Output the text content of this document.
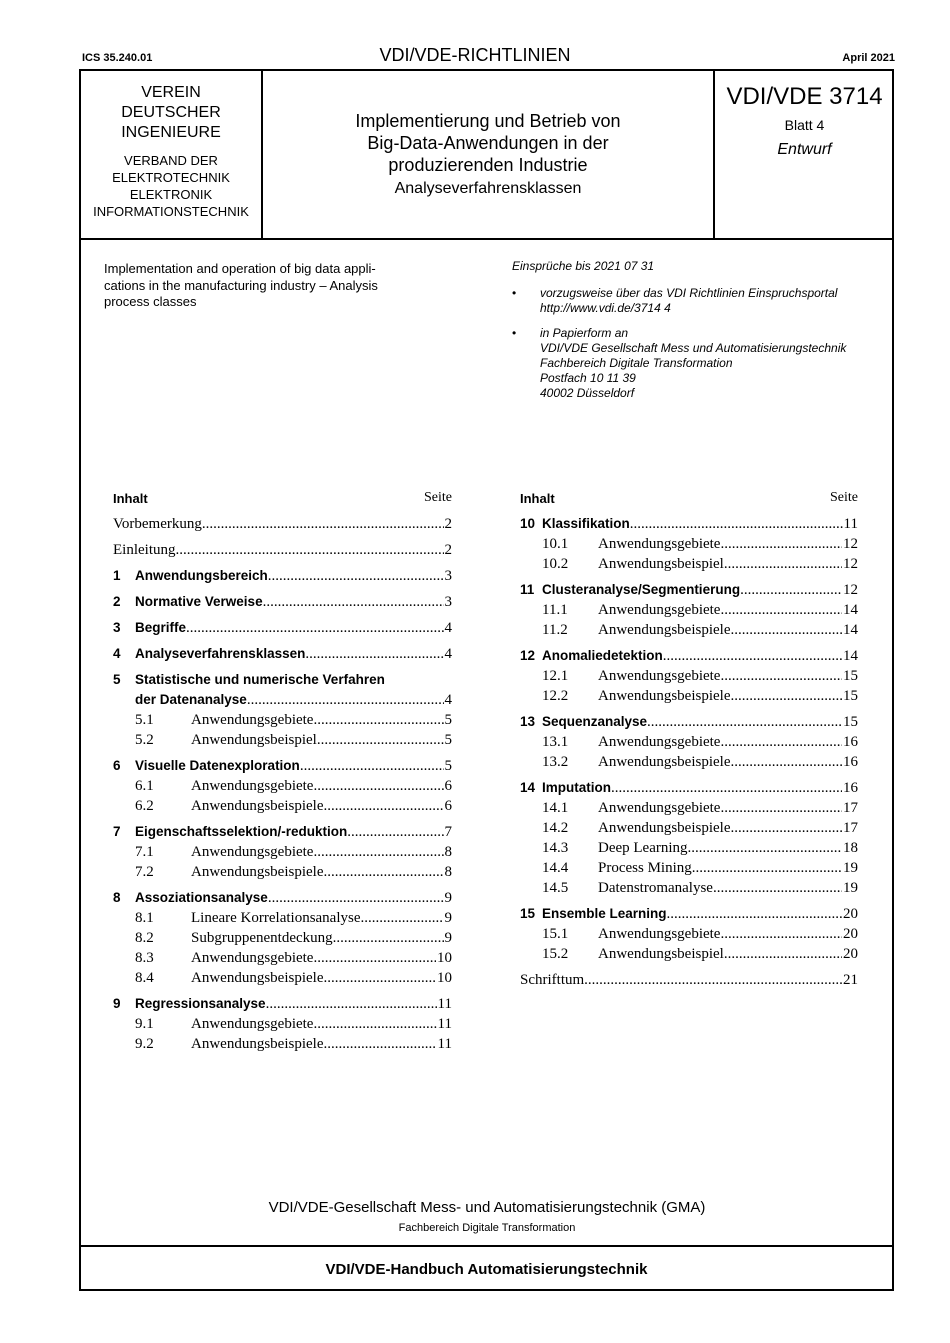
ICS 35.240.01	VDI/VDE-RICHTLINIEN	April 2021
VEREIN
DEUTSCHER
INGENIEURE
VERBAND DER
ELEKTROTECHNIK
ELEKTRONIK
INFORMATIONSTECHNIK
Implementierung und Betrieb von
Big-Data-Anwendungen in der
produzierenden Industrie
Analyseverfahrensklassen
VDI/VDE 3714
Blatt 4
Entwurf
Implementation and operation of big data appli-
cations in the manufacturing industry – Analysis
process classes
Einsprüche bis 2021 07 31
• vorzugsweise über das VDI Richtlinien Einspruchsportal
http://www.vdi.de/3714 4
• in Papierform an
VDI/VDE Gesellschaft Mess und Automatisierungstechnik
Fachbereich Digitale Transformation
Postfach 10 11 39
40002 Düsseldorf
Inhalt	Seite
Vorbemerkung .....	2
Einleitung .....	2
1	Anwendungsbereich .....	3
2	Normative Verweise .....	3
3	Begriffe .....	4
4	Analyseverfahrensklassen .....	4
5	Statistische und numerische Verfahren
der Datenanalyse .....	4
5.1	Anwendungsgebiete .....	5
5.2	Anwendungsbeispiel .....	5
6	Visuelle Datenexploration .....	5
6.1	Anwendungsgebiete .....	6
6.2	Anwendungsbeispiele .....	6
7	Eigenschaftsselektion/-reduktion .....	7
7.1	Anwendungsgebiete .....	8
7.2	Anwendungsbeispiele .....	8
8	Assoziationsanalyse .....	9
8.1	Lineare Korrelationsanalyse .....	9
8.2	Subgruppenentdeckung .....	9
8.3	Anwendungsgebiete .....	10
8.4	Anwendungsbeispiele .....	10
9	Regressionsanalyse .....	11
9.1	Anwendungsgebiete .....	11
9.2	Anwendungsbeispiele .....	11
Inhalt	Seite
10 Klassifikation .....	11
10.1	Anwendungsgebiete .....	12
10.2	Anwendungsbeispiel .....	12
11 Clusteranalyse/Segmentierung .....	12
11.1	Anwendungsgebiete .....	14
11.2	Anwendungsbeispiele .....	14
12 Anomaliedetektion .....	14
12.1	Anwendungsgebiete .....	15
12.2	Anwendungsbeispiele .....	15
13 Sequenzanalyse .....	15
13.1	Anwendungsgebiete .....	16
13.2	Anwendungsbeispiele .....	16
14 Imputation .....	16
14.1	Anwendungsgebiete .....	17
14.2	Anwendungsbeispiele .....	17
14.3	Deep Learning .....	18
14.4	Process Mining .....	19
14.5	Datenstromanalyse .....	19
15 Ensemble Learning .....	20
15.1	Anwendungsgebiete .....	20
15.2	Anwendungsbeispiel .....	20
Schrifttum .....	21
VDI/VDE-Gesellschaft Mess- und Automatisierungstechnik (GMA)
Fachbereich Digitale Transformation
VDI/VDE-Handbuch Automatisierungstechnik
